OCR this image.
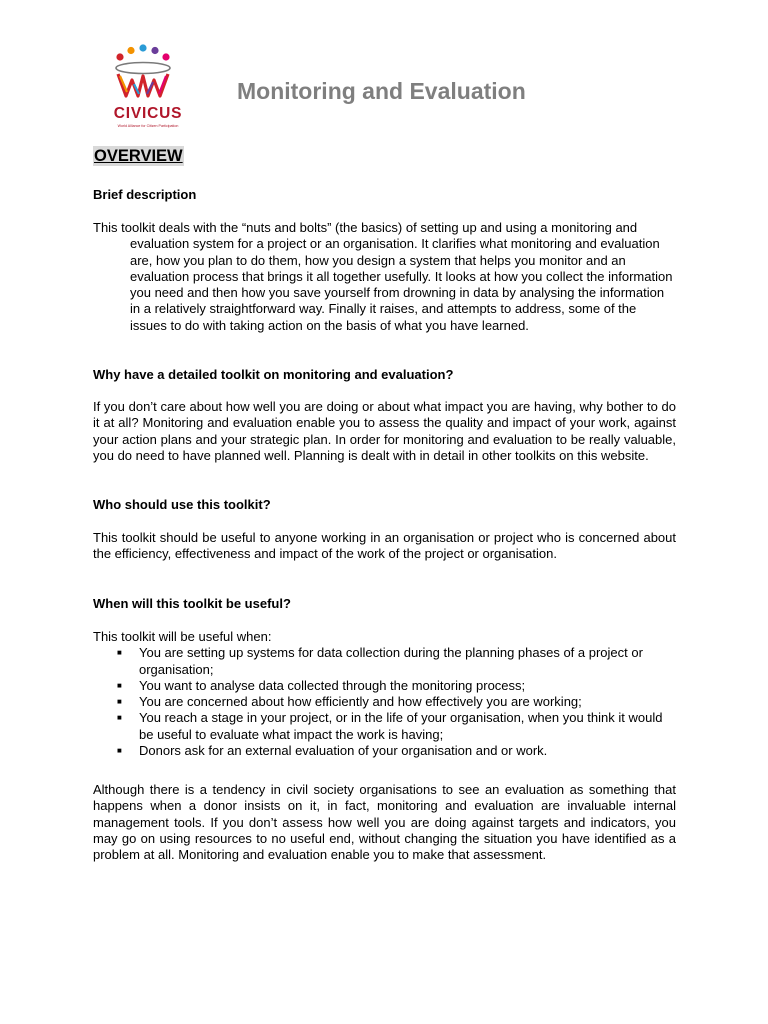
CIVICUS
World Alliance for Citizen Participation
Monitoring and Evaluation
OVERVIEW

Brief description

This toolkit deals with the “nuts and bolts” (the basics) of setting up and using a monitoring and evaluation system for a project or an organisation. It clarifies what monitoring and evaluation are, how you plan to do them, how you design a system that helps you monitor and an evaluation process that brings it all together usefully. It looks at how you collect the information you need and then how you save yourself from drowning in data by analysing the information in a relatively straightforward way. Finally it raises, and attempts to address, some of the issues to do with taking action on the basis of what you have learned.

Why have a detailed toolkit on monitoring and evaluation?

If you don’t care about how well you are doing or about what impact you are having, why bother to do it at all? Monitoring and evaluation enable you to assess the quality and impact of your work, against your action plans and your strategic plan. In order for monitoring and evaluation to be really valuable, you do need to have planned well. Planning is dealt with in detail in other toolkits on this website.

Who should use this toolkit?

This toolkit should be useful to anyone working in an organisation or project who is concerned about the efficiency, effectiveness and impact of the work of the project or organisation.

When will this toolkit be useful?

This toolkit will be useful when:

■ You are setting up systems for data collection during the planning phases of a project or organisation;
■ You want to analyse data collected through the monitoring process;
■ You are concerned about how efficiently and how effectively you are working;
■ You reach a stage in your project, or in the life of your organisation, when you think it would be useful to evaluate what impact the work is having;
■ Donors ask for an external evaluation of your organisation and or work.

Although there is a tendency in civil society organisations to see an evaluation as something that happens when a donor insists on it, in fact, monitoring and evaluation are invaluable internal management tools. If you don’t assess how well you are doing against targets and indicators, you may go on using resources to no useful end, without changing the situation you have identified as a problem at all. Monitoring and evaluation enable you to make that assessment.
